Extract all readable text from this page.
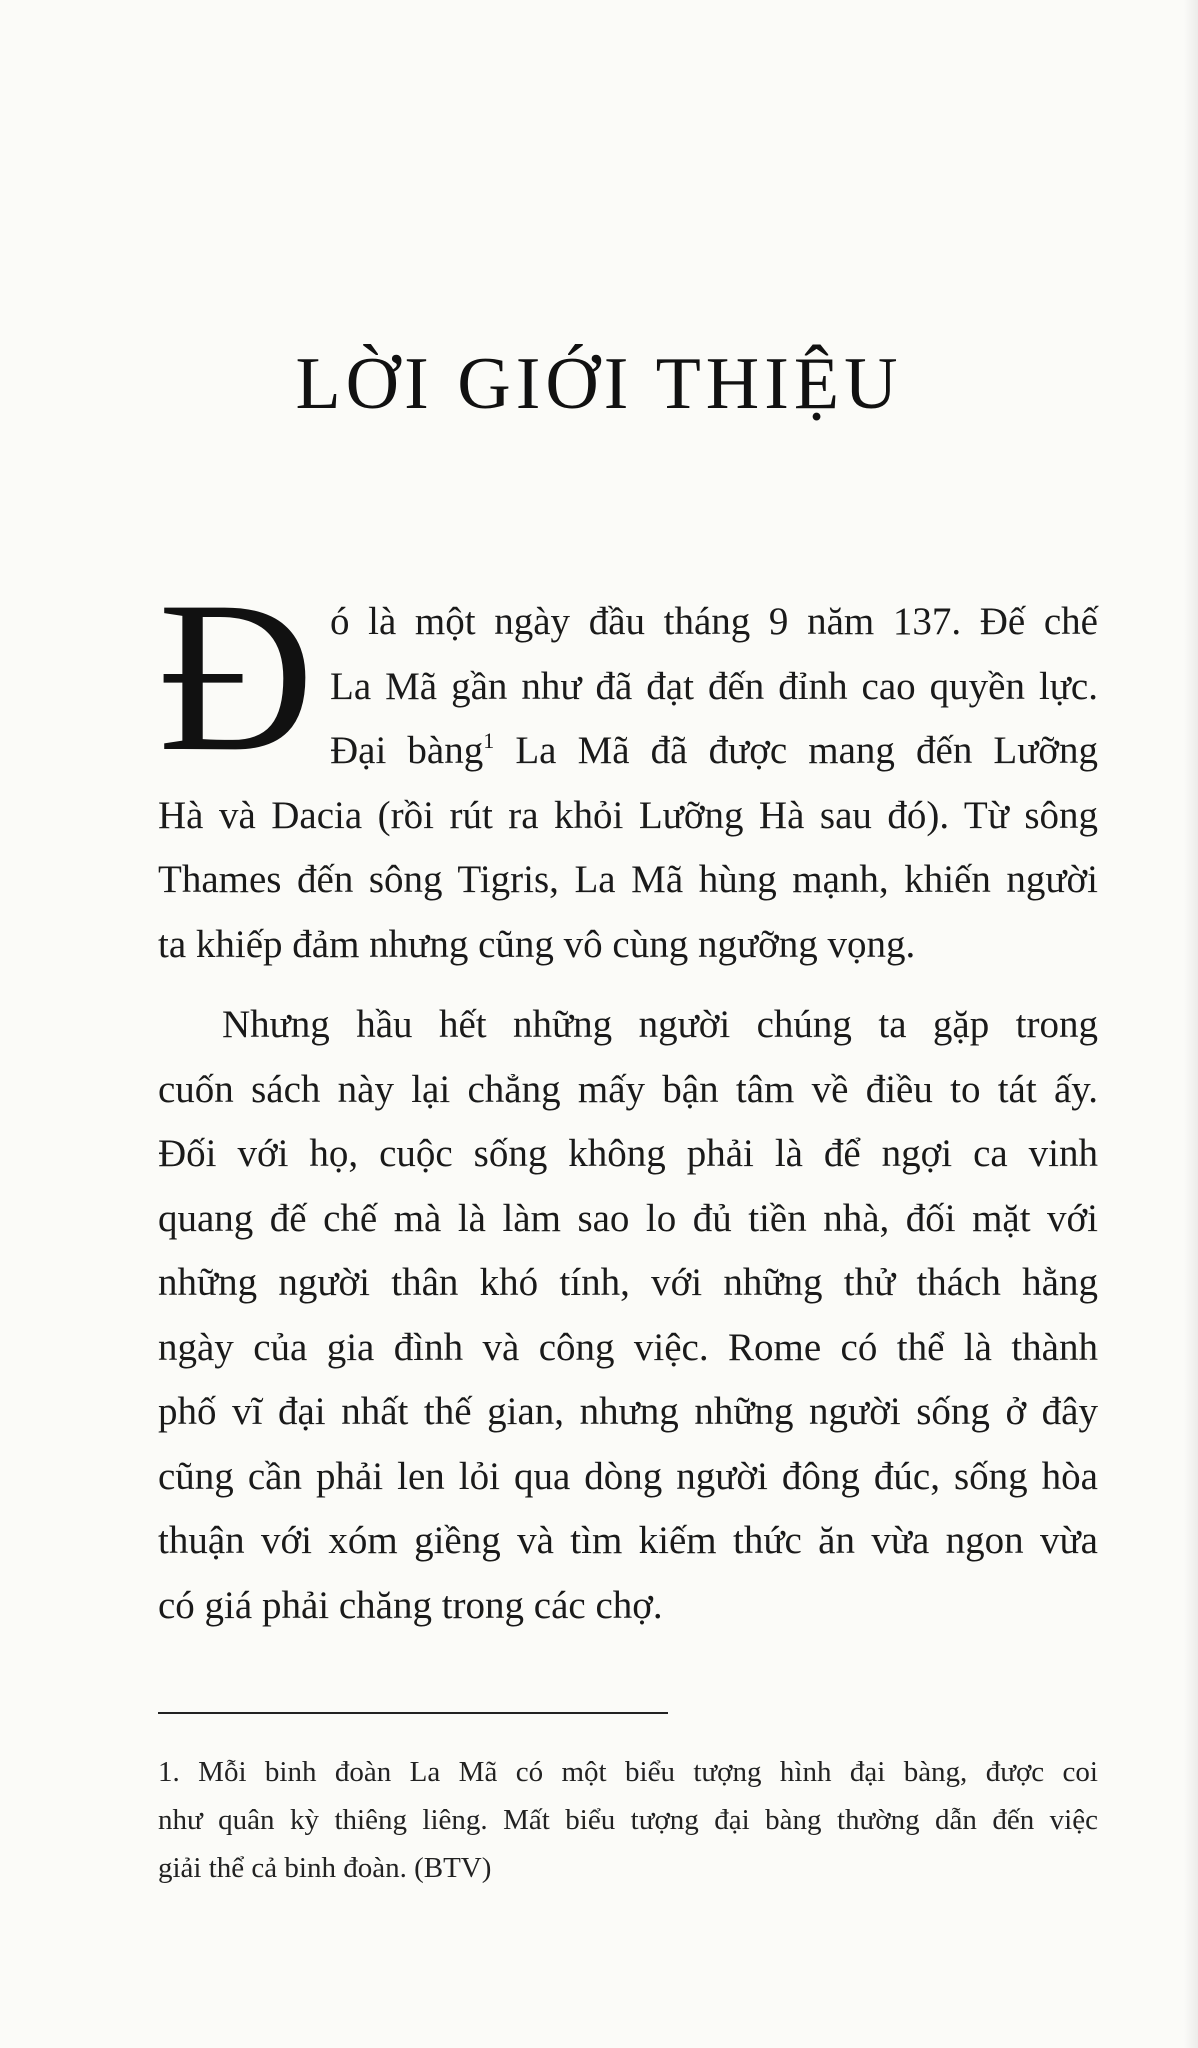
LỜI GIỚI THIỆU
Đ ó là một ngày đầu tháng 9 năm 137. Đế chế
La Mã gần như đã đạt đến đỉnh cao quyền lực.
Đại bàng$^1$ La Mã đã được mang đến Lưỡng
Hà và Dacia (rồi rút ra khỏi Lưỡng Hà sau đó). Từ sông
Thames đến sông Tigris, La Mã hùng mạnh, khiến người
ta khiếp đảm nhưng cũng vô cùng ngưỡng vọng.
Nhưng hầu hết những người chúng ta gặp trong
cuốn sách này lại chẳng mấy bận tâm về điều to tát ấy.
Đối với họ, cuộc sống không phải là để ngợi ca vinh
quang đế chế mà là làm sao lo đủ tiền nhà, đối mặt với
những người thân khó tính, với những thử thách hằng
ngày của gia đình và công việc. Rome có thể là thành
phố vĩ đại nhất thế gian, nhưng những người sống ở đây
cũng cần phải len lỏi qua dòng người đông đúc, sống hòa
thuận với xóm giềng và tìm kiếm thức ăn vừa ngon vừa
có giá phải chăng trong các chợ.
1. Mỗi binh đoàn La Mã có một biểu tượng hình đại bàng, được coi
như quân kỳ thiêng liêng. Mất biểu tượng đại bàng thường dẫn đến việc
giải thể cả binh đoàn. (BTV)
